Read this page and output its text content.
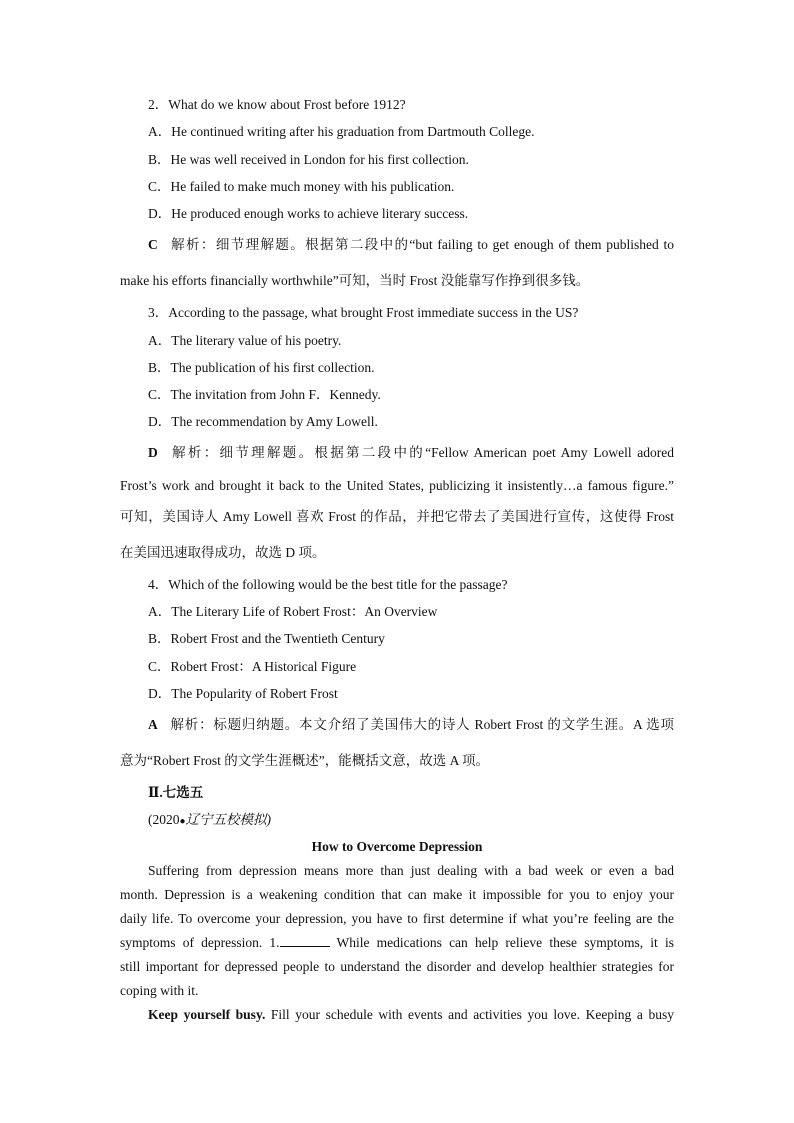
2．What do we know about Frost before 1912?
A．He continued writing after his graduation from Dartmouth College.
B．He was well received in London for his first collection.
C．He failed to make much money with his publication.
D．He produced enough works to achieve literary success.
C 解析：细节理解题。根据第二段中的“but failing to get enough of them published to
make his efforts financially worthwhile”可知，当时 Frost 没能靠写作挣到很多钱。
3．According to the passage, what brought Frost immediate success in the US?
A．The literary value of his poetry.
B．The publication of his first collection.
C．The invitation from John F．Kennedy.
D．The recommendation by Amy Lowell.
D 解析：细节理解题。根据第二段中的“Fellow American poet Amy Lowell adored
Frost’s work and brought it back to the United States, publicizing it insistently…a famous figure.”
可知，美国诗人 Amy Lowell 喜欢 Frost 的作品，并把它带去了美国进行宣传，这使得 Frost
在美国迅速取得成功，故选 D 项。
4．Which of the following would be the best title for the passage?
A．The Literary Life of Robert Frost：An Overview
B．Robert Frost and the Twentieth Century
C．Robert Frost：A Historical Figure
D．The Popularity of Robert Frost
A 解析：标题归纳题。本文介绍了美国伟大的诗人 Robert Frost 的文学生涯。A 选项
意为“Robert Frost 的文学生涯概述”，能概括文意，故选 A 项。
Ⅱ.七选五
(2020●辽宁五校模拟)
How to Overcome Depression
Suffering from depression means more than just dealing with a bad week or even a bad
month. Depression is a weakening condition that can make it impossible for you to enjoy your
daily life. To overcome your depression, you have to first determine if what you’re feeling are the
symptoms of depression. 1.	While medications can help relieve these symptoms, it is
still important for depressed people to understand the disorder and develop healthier strategies for
coping with it.
Keep yourself busy. Fill your schedule with events and activities you love. Keeping a busy
